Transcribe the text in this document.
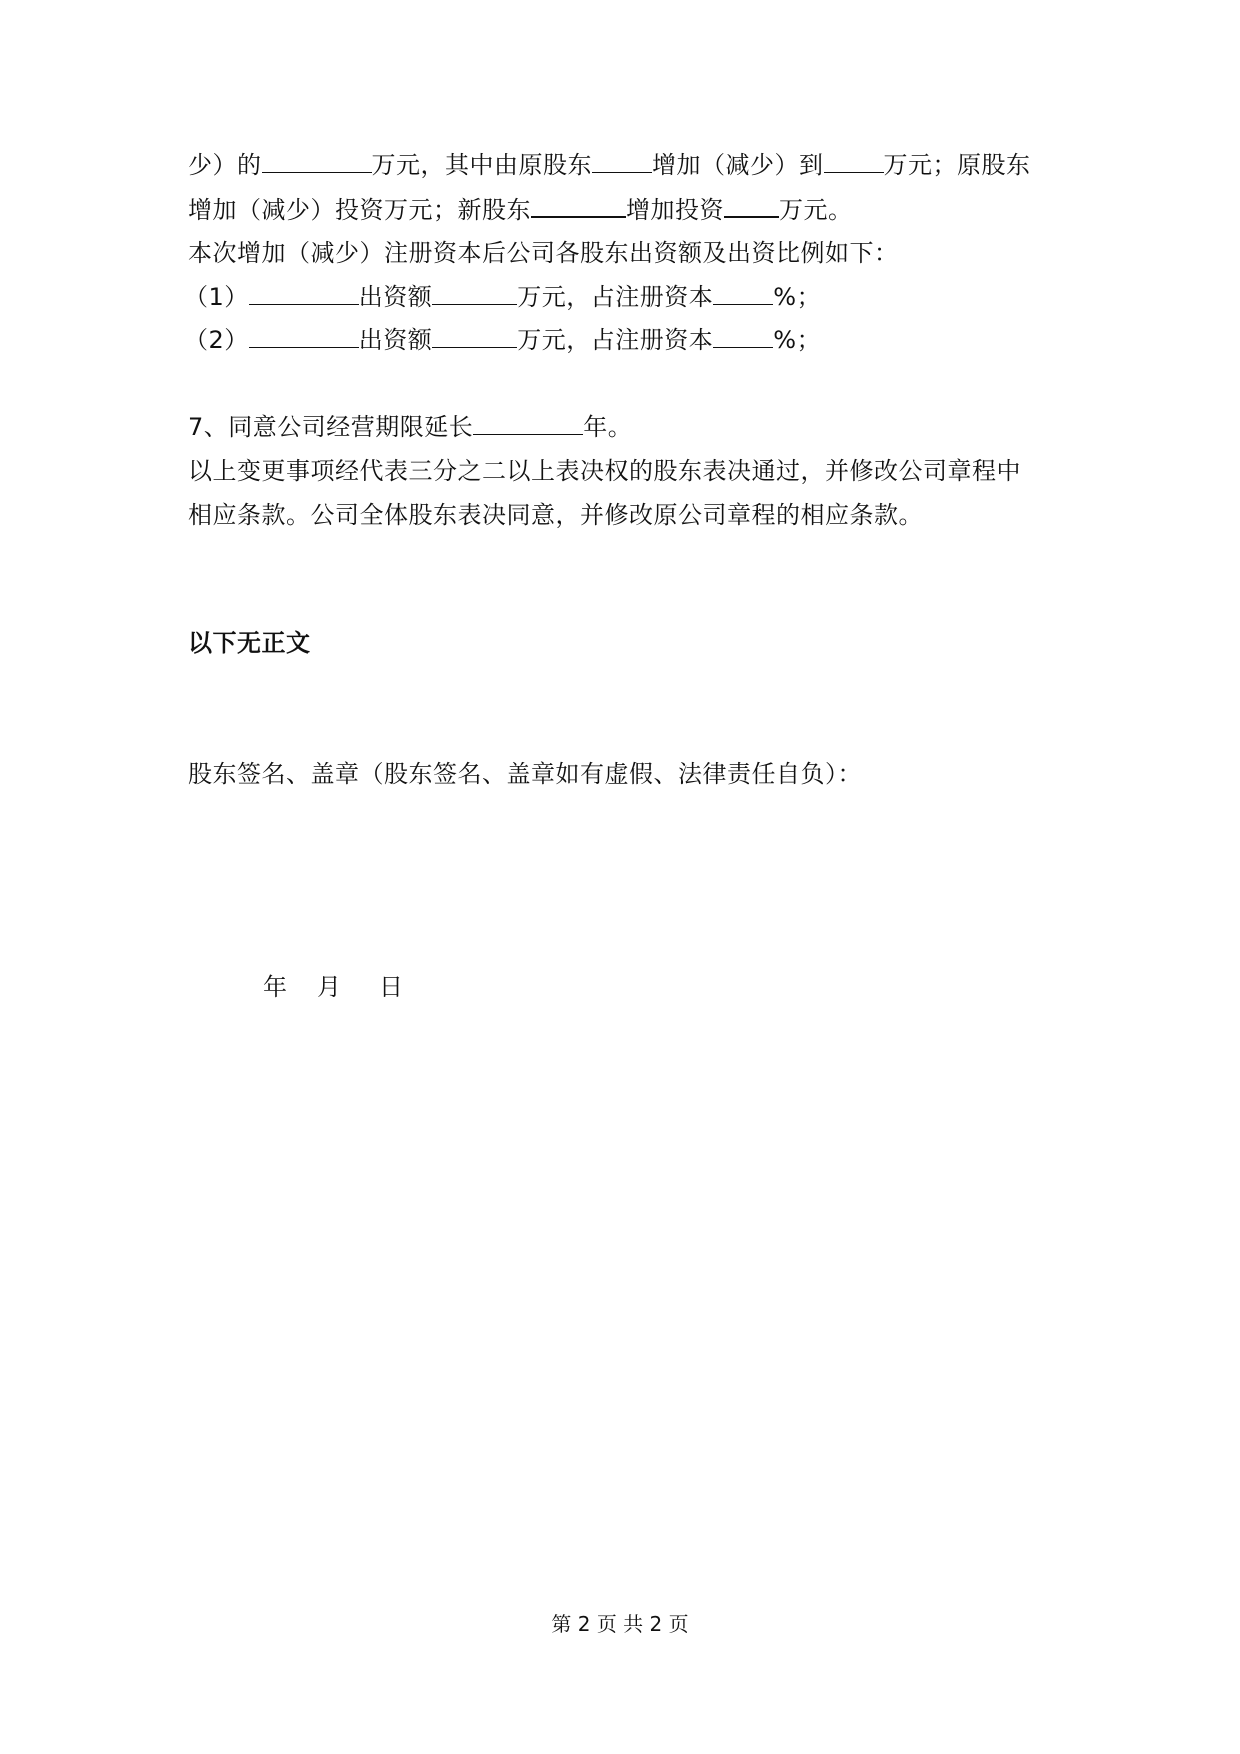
少）的	万元，其中由原股东	增加（减少）到	万元；原股东
增加（减少）投资万元；新股东	增加投资 万元。
本次增加（减少）注册资本后公司各股东出资额及出资比例如下：
（1）	出资额	万元，占注册资本	%；
（2）	出资额	万元，占注册资本	%；
7、同意公司经营期限延长	年。
以上变更事项经代表三分之二以上表决权的股东表决通过，并修改公司章程中
相应条款。公司全体股东表决同意，并修改原公司章程的相应条款。
以下无正文
股东签名、盖章（股东签名、盖章如有虚假、法律责任自负）：
年 月 日
第 2 页 共 2 页
